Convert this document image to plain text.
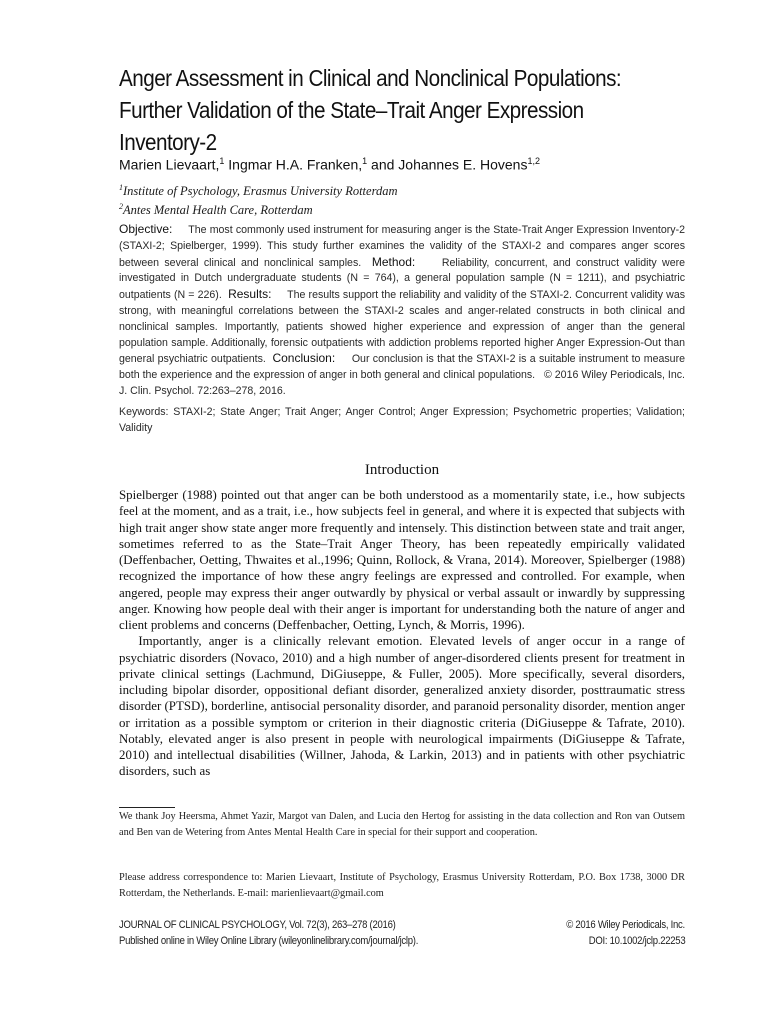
Anger Assessment in Clinical and Nonclinical Populations: Further Validation of the State–Trait Anger Expression Inventory-2

Marien Lievaart,$^1$ Ingmar H.A. Franken,$^1$ and Johannes E. Hovens$^{1,2}$

$^1$Institute of Psychology, Erasmus University Rotterdam
$^2$Antes Mental Health Care, Rotterdam

Objective: The most commonly used instrument for measuring anger is the State-Trait Anger Expression Inventory-2 (STAXI-2; Spielberger, 1999). This study further examines the validity of the STAXI-2 and compares anger scores between several clinical and nonclinical samples. Method:	Reliability, concurrent, and construct validity were investigated in Dutch undergraduate students (N = 764), a general population sample (N = 1211), and psychiatric outpatients (N = 226). Results: The results support the reliability and validity of the STAXI-2. Concurrent validity was strong, with meaningful correlations between the STAXI-2 scales and anger-related constructs in both clinical and nonclinical samples. Importantly, patients showed higher experience and expression of anger than the general population sample. Additionally, forensic outpatients with addiction problems reported higher Anger Expression-Out than general psychiatric outpatients. Conclusion: Our conclusion is that the STAXI-2 is a suitable instrument to measure both the experience and the expression of anger in both general and clinical populations. © 2016 Wiley Periodicals, Inc. J. Clin. Psychol. 72:263–278, 2016.

Keywords: STAXI-2; State Anger; Trait Anger; Anger Control; Anger Expression; Psychometric properties; Validation; Validity

Introduction

Spielberger (1988) pointed out that anger can be both understood as a momentarily state, i.e., how subjects feel at the moment, and as a trait, i.e., how subjects feel in general, and where it is expected that subjects with high trait anger show state anger more frequently and intensely. This distinction between state and trait anger, sometimes referred to as the State–Trait Anger Theory, has been repeatedly empirically validated (Deffenbacher, Oetting, Thwaites et al.,1996; Quinn, Rollock, & Vrana, 2014). Moreover, Spielberger (1988) recognized the importance of how these angry feelings are expressed and controlled. For example, when angered, people may express their anger outwardly by physical or verbal assault or inwardly by suppressing anger. Knowing how people deal with their anger is important for understanding both the nature of anger and client problems and concerns (Deffenbacher, Oetting, Lynch, & Morris, 1996).

Importantly, anger is a clinically relevant emotion. Elevated levels of anger occur in a range of psychiatric disorders (Novaco, 2010) and a high number of anger-disordered clients present for treatment in private clinical settings (Lachmund, DiGiuseppe, & Fuller, 2005). More specifically, several disorders, including bipolar disorder, oppositional defiant disorder, generalized anxiety disorder, posttraumatic stress disorder (PTSD), borderline, antisocial personality disorder, and paranoid personality disorder, mention anger or irritation as a possible symptom or criterion in their diagnostic criteria (DiGiuseppe & Tafrate, 2010). Notably, elevated anger is also present in people with neurological impairments (DiGiuseppe & Tafrate, 2010) and intellectual disabilities (Willner, Jahoda, & Larkin, 2013) and in patients with other psychiatric disorders, such as

We thank Joy Heersma, Ahmet Yazir, Margot van Dalen, and Lucia den Hertog for assisting in the data collection and Ron van Outsem and Ben van de Wetering from Antes Mental Health Care in special for their support and cooperation.

Please address correspondence to: Marien Lievaart, Institute of Psychology, Erasmus University Rotterdam, P.O. Box 1738, 3000 DR Rotterdam, the Netherlands. E-mail: marienlievaart@gmail.com

JOURNAL OF CLINICAL PSYCHOLOGY, Vol. 72(3), 263–278 (2016)	© 2016 Wiley Periodicals, Inc.
Published online in Wiley Online Library (wileyonlinelibrary.com/journal/jclp).	DOI: 10.1002/jclp.22253
